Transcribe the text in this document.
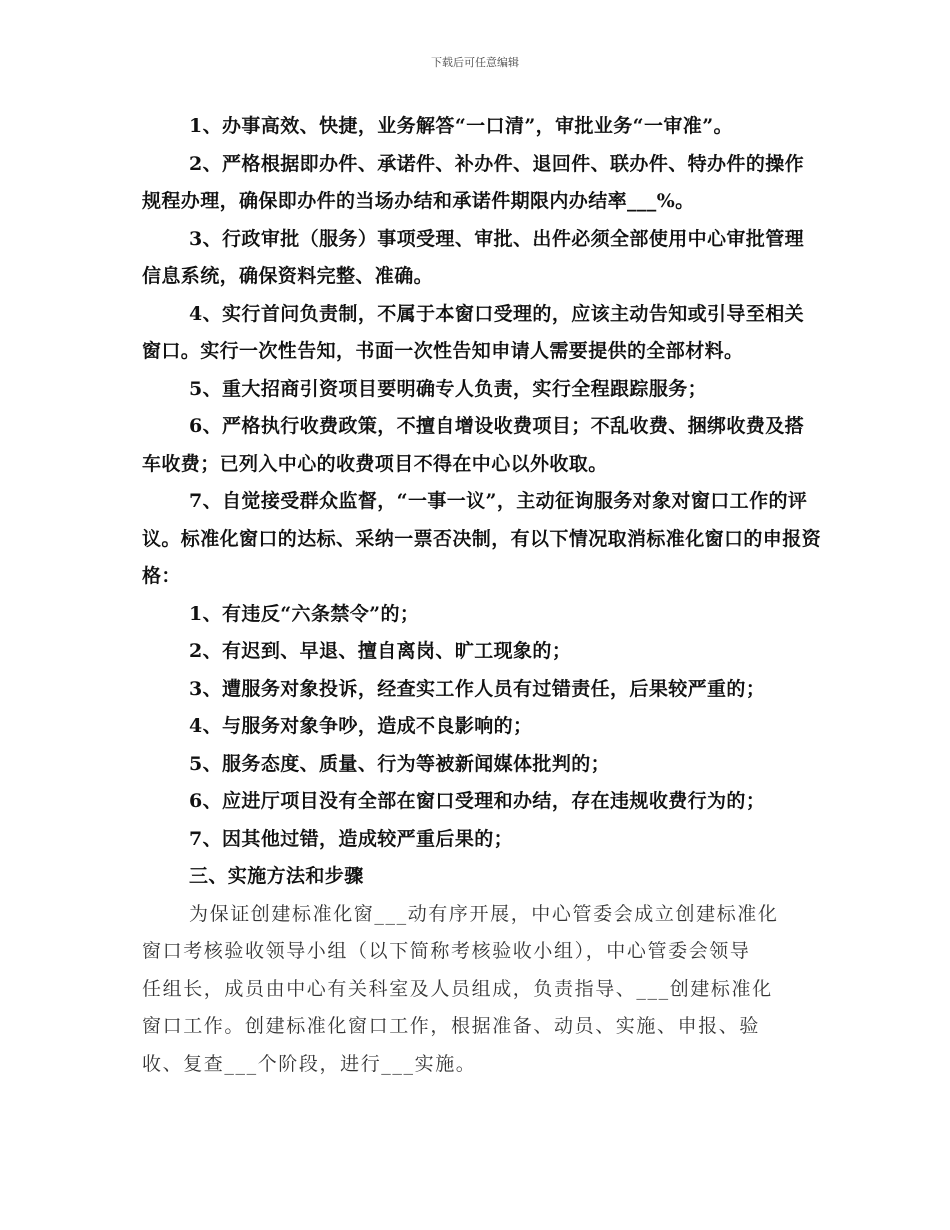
下载后可任意编辑

1、办事高效、快捷，业务解答“一口清”，审批业务“一审准”。

2、严格根据即办件、承诺件、补办件、退回件、联办件、特办件的操作规程办理，确保即办件的当场办结和承诺件期限内办结率___%。

3、行政审批（服务）事项受理、审批、出件必须全部使用中心审批管理信息系统，确保资料完整、准确。

4、实行首问负责制，不属于本窗口受理的，应该主动告知或引导至相关窗口。实行一次性告知，书面一次性告知申请人需要提供的全部材料。

5、重大招商引资项目要明确专人负责，实行全程跟踪服务；

6、严格执行收费政策，不擅自增设收费项目；不乱收费、捆绑收费及搭车收费；已列入中心的收费项目不得在中心以外收取。

7、自觉接受群众监督，“一事一议”，主动征询服务对象对窗口工作的评议。标准化窗口的达标、采纳一票否决制，有以下情况取消标准化窗口的申报资格：

1、有违反“六条禁令”的；

2、有迟到、早退、擅自离岗、旷工现象的；

3、遭服务对象投诉，经查实工作人员有过错责任，后果较严重的；

4、与服务对象争吵，造成不良影响的；

5、服务态度、质量、行为等被新闻媒体批判的；

6、应进厅项目没有全部在窗口受理和办结，存在违规收费行为的；

7、因其他过错，造成较严重后果的；

三、实施方法和步骤

为保证创建标准化窗___动有序开展，中心管委会成立创建标准化

窗口考核验收领导小组（以下简称考核验收小组），中心管委会领导

任组长，成员由中心有关科室及人员组成，负责指导、___创建标准化

窗口工作。创建标准化窗口工作，根据准备、动员、实施、申报、验

收、复查___个阶段，进行___实施。
